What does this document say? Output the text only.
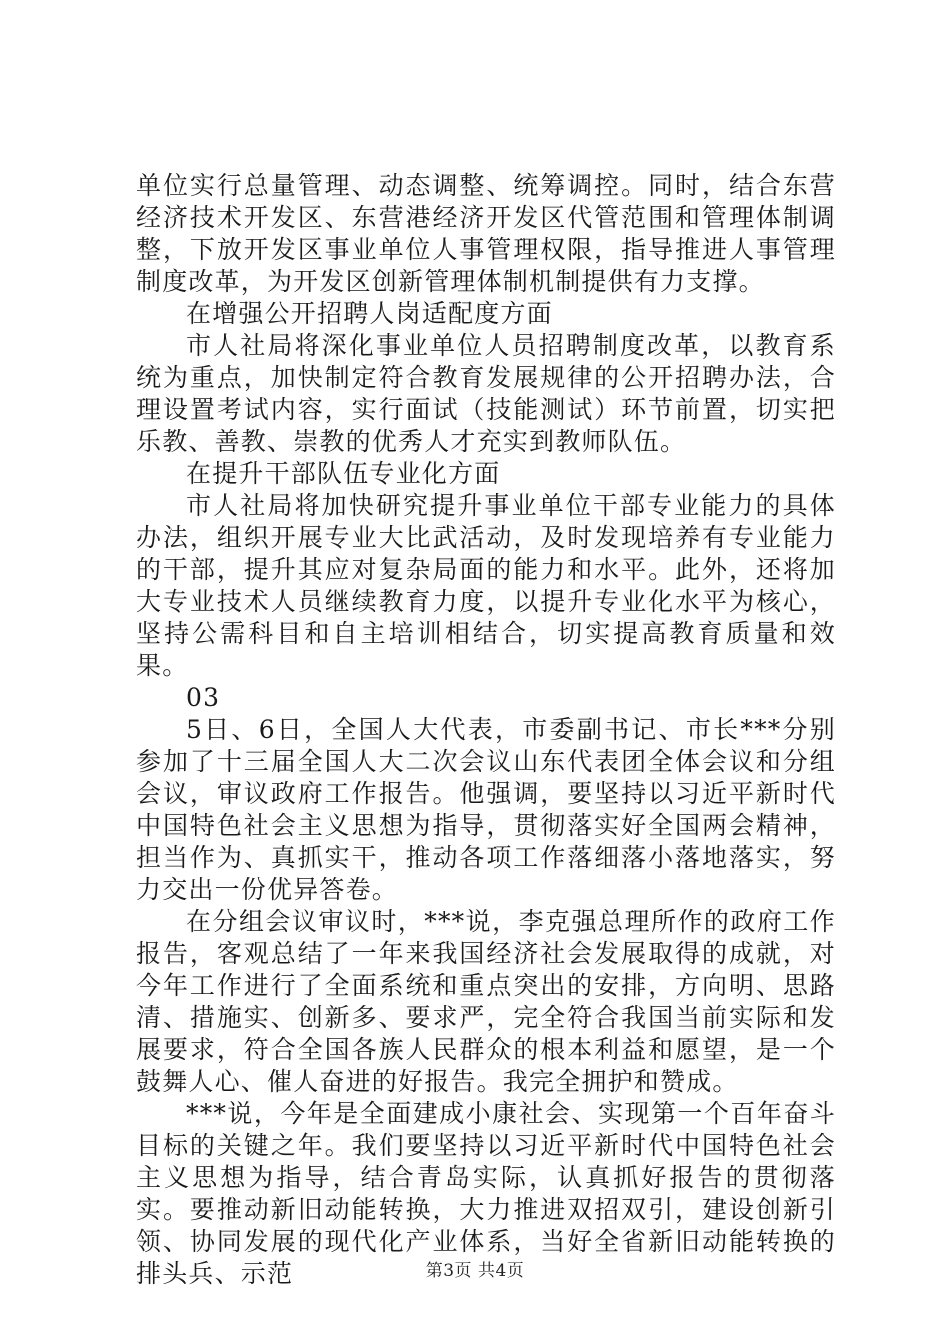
单位实行总量管理、动态调整、统筹调控。同时，结合东营经济技术开发区、东营港经济开发区代管范围和管理体制调整，下放开发区事业单位人事管理权限，指导推进人事管理制度改革，为开发区创新管理体制机制提供有力支撑。

在增强公开招聘人岗适配度方面

市人社局将深化事业单位人员招聘制度改革，以教育系统为重点，加快制定符合教育发展规律的公开招聘办法，合理设置考试内容，实行面试（技能测试）环节前置，切实把乐教、善教、崇教的优秀人才充实到教师队伍。

在提升干部队伍专业化方面

市人社局将加快研究提升事业单位干部专业能力的具体办法，组织开展专业大比武活动，及时发现培养有专业能力的干部，提升其应对复杂局面的能力和水平。此外，还将加大专业技术人员继续教育力度，以提升专业化水平为核心，坚持公需科目和自主培训相结合，切实提高教育质量和效果。

03

5日、6日，全国人大代表，市委副书记、市长***分别参加了十三届全国人大二次会议山东代表团全体会议和分组会议，审议政府工作报告。他强调，要坚持以习近平新时代中国特色社会主义思想为指导，贯彻落实好全国两会精神，担当作为、真抓实干，推动各项工作落细落小落地落实，努力交出一份优异答卷。

在分组会议审议时，***说，李克强总理所作的政府工作报告，客观总结了一年来我国经济社会发展取得的成就，对今年工作进行了全面系统和重点突出的安排，方向明、思路清、措施实、创新多、要求严，完全符合我国当前实际和发展要求，符合全国各族人民群众的根本利益和愿望，是一个鼓舞人心、催人奋进的好报告。我完全拥护和赞成。

***说，今年是全面建成小康社会、实现第一个百年奋斗目标的关键之年。我们要坚持以习近平新时代中国特色社会主义思想为指导，结合青岛实际，认真抓好报告的贯彻落实。要推动新旧动能转换，大力推进双招双引，建设创新引领、协同发展的现代化产业体系，当好全省新旧动能转换的排头兵、示范	第3页 共4页
